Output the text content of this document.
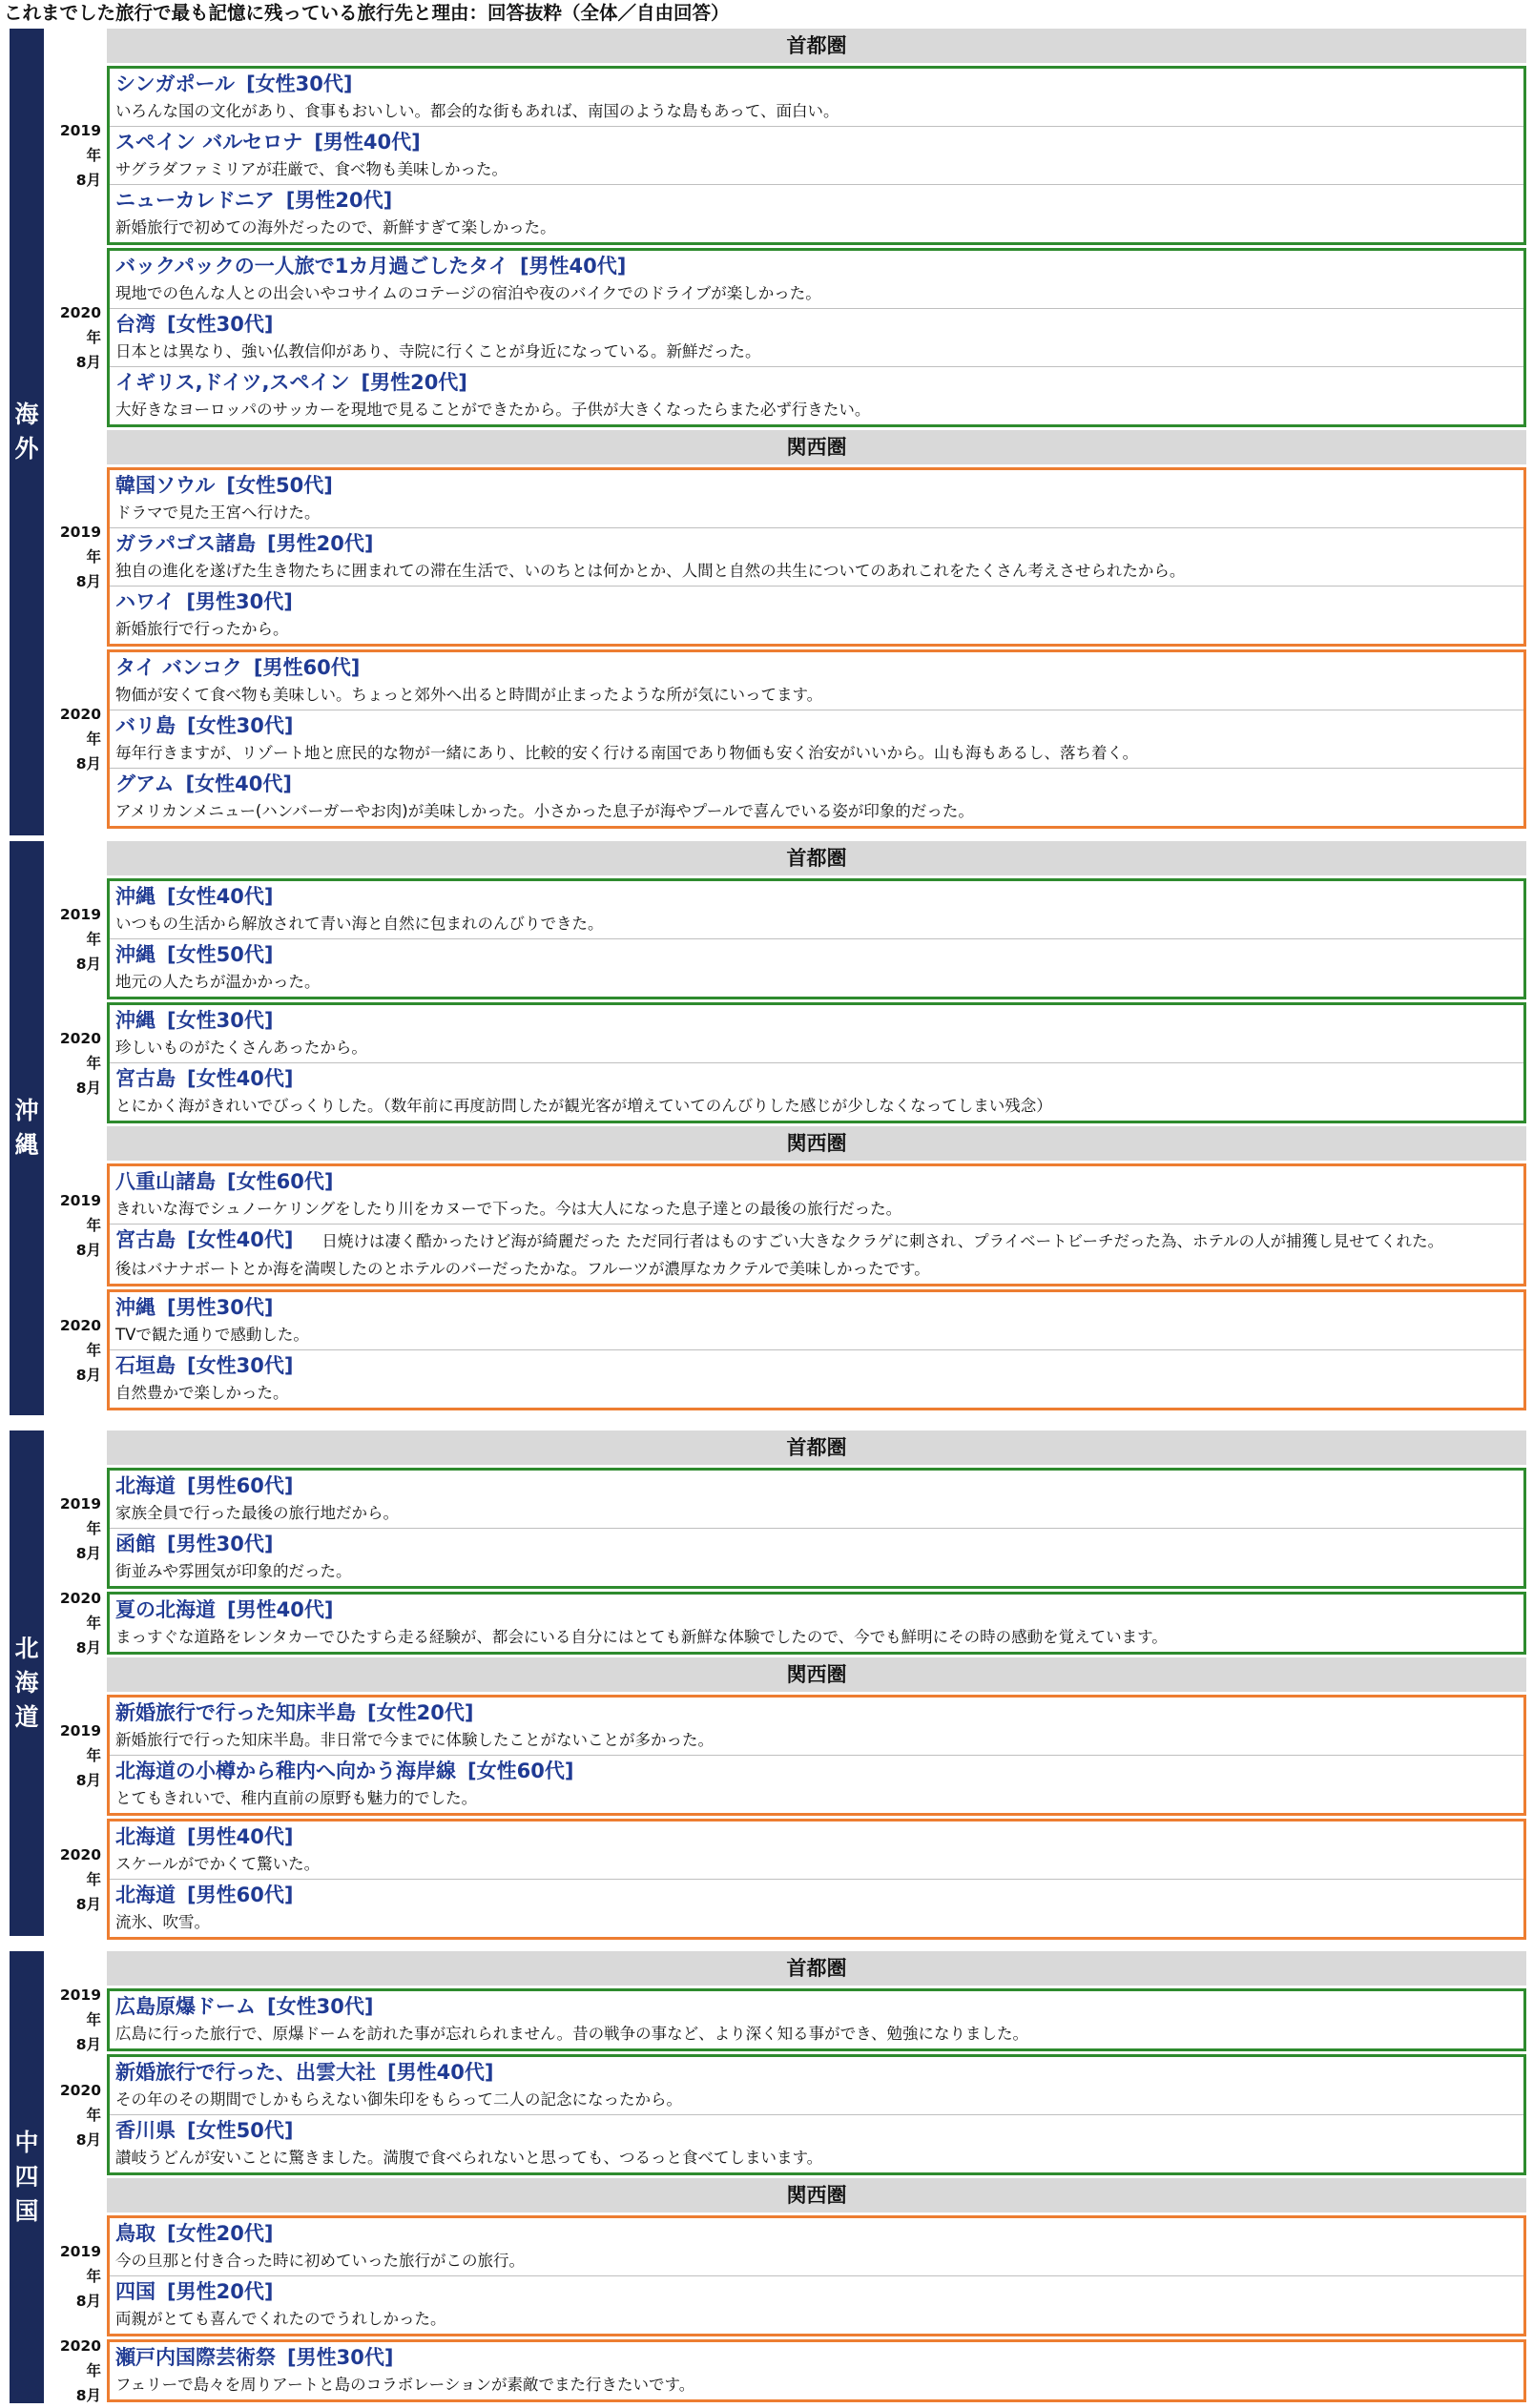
これまでした旅行で最も記憶に残っている旅行先と理由：回答抜粋（全体／自由回答）
海
外
首都圏
2019年
8月
シンガポール [女性30代]
いろんな国の文化があり、食事もおいしい。都会的な街もあれば、南国のような島もあって、面白い。
スペイン バルセロナ [男性40代]
サグラダファミリアが荘厳で、食べ物も美味しかった。
ニューカレドニア [男性20代]
新婚旅行で初めての海外だったので、新鮮すぎて楽しかった。
2020年
8月
バックパックの一人旅で1カ月過ごしたタイ [男性40代]
現地での色んな人との出会いやコサイムのコテージの宿泊や夜のバイクでのドライブが楽しかった。
台湾 [女性30代]
日本とは異なり、強い仏教信仰があり、寺院に行くことが身近になっている。新鮮だった。
イギリス,ドイツ,スペイン [男性20代]
大好きなヨーロッパのサッカーを現地で見ることができたから。子供が大きくなったらまた必ず行きたい。
関西圏
2019年
8月
韓国ソウル [女性50代]
ドラマで見た王宮へ行けた。
ガラパゴス諸島 [男性20代]
独自の進化を遂げた生き物たちに囲まれての滞在生活で、いのちとは何かとか、人間と自然の共生についてのあれこれをたくさん考えさせられたから。
ハワイ [男性30代]
新婚旅行で行ったから。
2020年
8月
タイ バンコク [男性60代]
物価が安くて食べ物も美味しい。ちょっと郊外へ出ると時間が止まったような所が気にいってます。
バリ島 [女性30代]
毎年行きますが、リゾート地と庶民的な物が一緒にあり、比較的安く行ける南国であり物価も安く治安がいいから。山も海もあるし、落ち着く。
グアム [女性40代]
アメリカンメニュー(ハンバーガーやお肉)が美味しかった。小さかった息子が海やプールで喜んでいる姿が印象的だった。
沖
縄
首都圏
2019年
8月
沖縄 [女性40代]
いつもの生活から解放されて青い海と自然に包まれのんびりできた。
沖縄 [女性50代]
地元の人たちが温かかった。
2020年
8月
沖縄 [女性30代]
珍しいものがたくさんあったから。
宮古島 [女性40代]
とにかく海がきれいでびっくりした。（数年前に再度訪問したが観光客が増えていてのんびりした感じが少しなくなってしまい残念）
関西圏
2019年
8月
八重山諸島 [女性60代]
きれいな海でシュノーケリングをしたり川をカヌーで下った。今は大人になった息子達との最後の旅行だった。
宮古島 [女性40代] 日焼けは凄く酷かったけど海が綺麗だった ただ同行者はものすごい大きなクラゲに刺され、プライベートビーチだった為、ホテルの人が捕獲し見せてくれた。
後はバナナボートとか海を満喫したのとホテルのバーだったかな。フルーツが濃厚なカクテルで美味しかったです。
2020年
8月
沖縄 [男性30代]
TVで観た通りで感動した。
石垣島 [女性30代]
自然豊かで楽しかった。
北
海
道
首都圏
2019年
8月
北海道 [男性60代]
家族全員で行った最後の旅行地だから。
函館 [男性30代]
街並みや雰囲気が印象的だった。
2020年
8月
夏の北海道 [男性40代]
まっすぐな道路をレンタカーでひたすら走る経験が、都会にいる自分にはとても新鮮な体験でしたので、今でも鮮明にその時の感動を覚えています。
関西圏
2019年
8月
新婚旅行で行った知床半島 [女性20代]
新婚旅行で行った知床半島。非日常で今までに体験したことがないことが多かった。
北海道の小樽から稚内へ向かう海岸線 [女性60代]
とてもきれいで、稚内直前の原野も魅力的でした。
2020年
8月
北海道 [男性40代]
スケールがでかくて驚いた。
北海道 [男性60代]
流氷、吹雪。
中
四
国
首都圏
2019年
8月
広島原爆ドーム [女性30代]
広島に行った旅行で、原爆ドームを訪れた事が忘れられません。昔の戦争の事など、より深く知る事ができ、勉強になりました。
2020年
8月
新婚旅行で行った、出雲大社 [男性40代]
その年のその期間でしかもらえない御朱印をもらって二人の記念になったから。
香川県 [女性50代]
讃岐うどんが安いことに驚きました。満腹で食べられないと思っても、つるっと食べてしまいます。
関西圏
2019年
8月
鳥取 [女性20代]
今の旦那と付き合った時に初めていった旅行がこの旅行。
四国 [男性20代]
両親がとても喜んでくれたのでうれしかった。
2020年
8月
瀬戸内国際芸術祭 [男性30代]
フェリーで島々を周りアートと島のコラボレーションが素敵でまた行きたいです。
